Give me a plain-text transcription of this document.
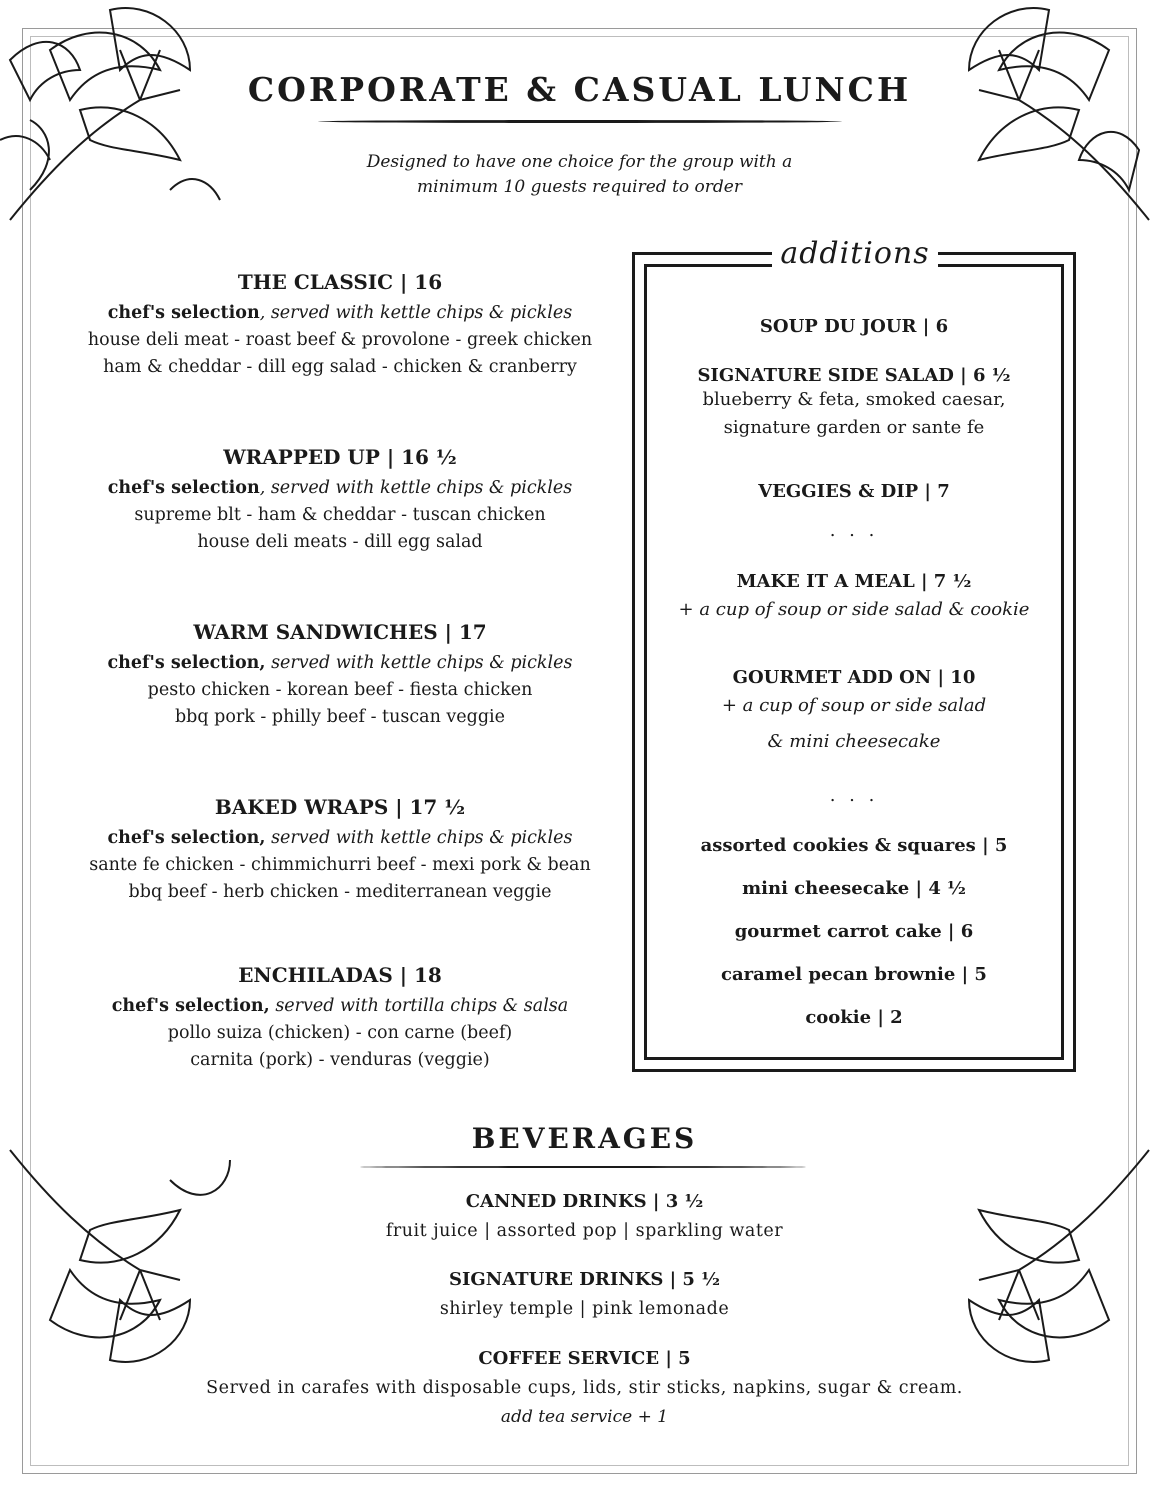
CORPORATE & CASUAL LUNCH
Designed to have one choice for the group with a
minimum 10 guests required to order
THE CLASSIC | 16
chef's selection, served with kettle chips & pickles
house deli meat - roast beef & provolone - greek chicken
ham & cheddar - dill egg salad - chicken & cranberry
WRAPPED UP | 16 ½
chef's selection, served with kettle chips & pickles
supreme blt - ham & cheddar - tuscan chicken
house deli meats - dill egg salad
WARM SANDWICHES | 17
chef's selection, served with kettle chips & pickles
pesto chicken - korean beef - fiesta chicken
bbq pork - philly beef - tuscan veggie
BAKED WRAPS | 17 ½
chef's selection, served with kettle chips & pickles
sante fe chicken - chimmichurri beef - mexi pork & bean
bbq beef - herb chicken - mediterranean veggie
ENCHILADAS | 18
chef's selection, served with tortilla chips & salsa
pollo suiza (chicken) - con carne (beef)
carnita (pork) - venduras (veggie)
additions
SOUP DU JOUR | 6
SIGNATURE SIDE SALAD | 6 ½
blueberry & feta, smoked caesar,
signature garden or sante fe
VEGGIES & DIP | 7
. . .
MAKE IT A MEAL | 7 ½
+ a cup of soup or side salad & cookie
GOURMET ADD ON | 10
+ a cup of soup or side salad
& mini cheesecake
. . .
assorted cookies & squares | 5
mini cheesecake | 4 ½
gourmet carrot cake | 6
caramel pecan brownie | 5
cookie | 2
BEVERAGES
CANNED DRINKS | 3 ½
fruit juice | assorted pop | sparkling water
SIGNATURE DRINKS | 5 ½
shirley temple | pink lemonade
COFFEE SERVICE | 5
Served in carafes with disposable cups, lids, stir sticks, napkins, sugar & cream.
add tea service + 1
